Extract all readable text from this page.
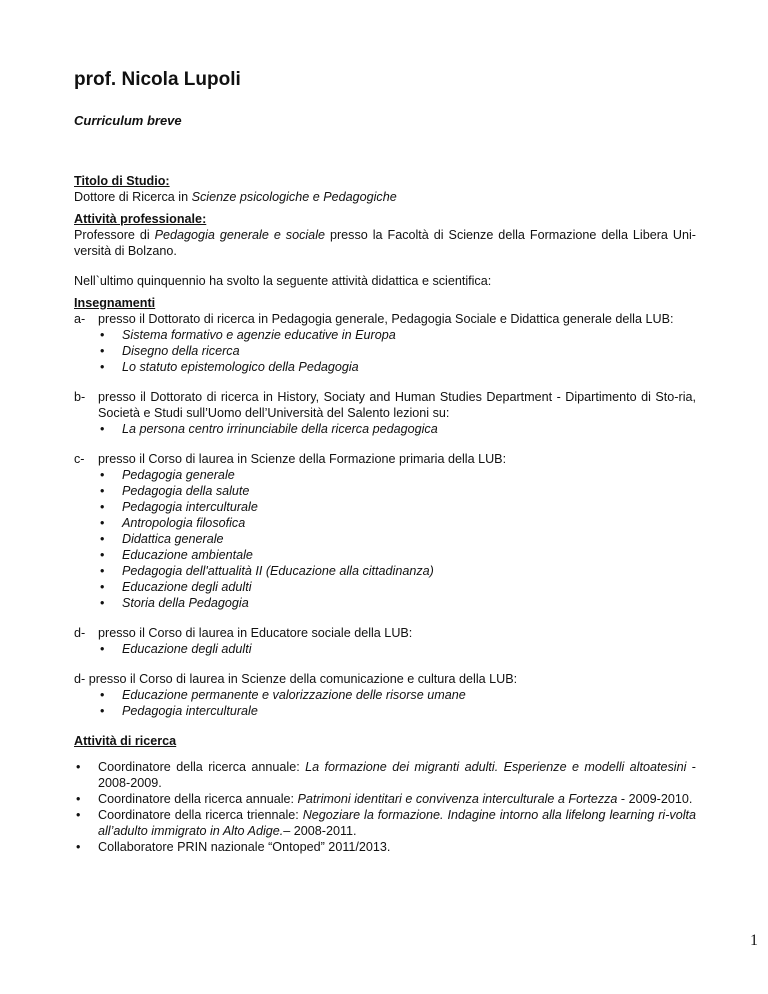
prof. Nicola Lupoli
Curriculum breve
Titolo di Studio:

Dottore di Ricerca in Scienze psicologiche e Pedagogiche

Attività professionale:

Professore di Pedagogia generale e sociale presso la Facoltà di Scienze della Formazione della Libera Uni-versità di Bolzano.

Nell`ultimo quinquennio ha svolto la seguente attività didattica e scientifica:

Insegnamenti

a- presso il Dottorato di ricerca in Pedagogia generale, Pedagogia Sociale e Didattica generale della LUB:

• Sistema formativo e agenzie educative in Europa
• Disegno della ricerca
• Lo statuto epistemologico della Pedagogia

b- presso il Dottorato di ricerca in History, Sociaty and Human Studies Department - Dipartimento di Sto-ria, Società e Studi sull’Uomo dell’Università del Salento lezioni su:

• La persona centro irrinunciabile della ricerca pedagogica

c- presso il Corso di laurea in Scienze della Formazione primaria della LUB:

• Pedagogia generale
• Pedagogia della salute
• Pedagogia interculturale
• Antropologia filosofica
• Didattica generale
• Educazione ambientale
• Pedagogia dell'attualità II (Educazione alla cittadinanza)
• Educazione degli adulti
• Storia della Pedagogia

d- presso il Corso di laurea in Educatore sociale della LUB:

• Educazione degli adulti

d- presso il Corso di laurea in Scienze della comunicazione e cultura della LUB:

• Educazione permanente e valorizzazione delle risorse umane
• Pedagogia interculturale
Attività di ricerca
• Coordinatore della ricerca annuale: La formazione dei migranti adulti. Esperienze e modelli altoatesini - 2008-2009.
• Coordinatore della ricerca annuale: Patrimoni identitari e convivenza interculturale a Fortezza - 2009-2010.
• Coordinatore della ricerca triennale: Negoziare la formazione. Indagine intorno alla lifelong learning ri-volta all’adulto immigrato in Alto Adige.– 2008-2011.
• Collaboratore PRIN nazionale “Ontoped” 2011/2013.
1
